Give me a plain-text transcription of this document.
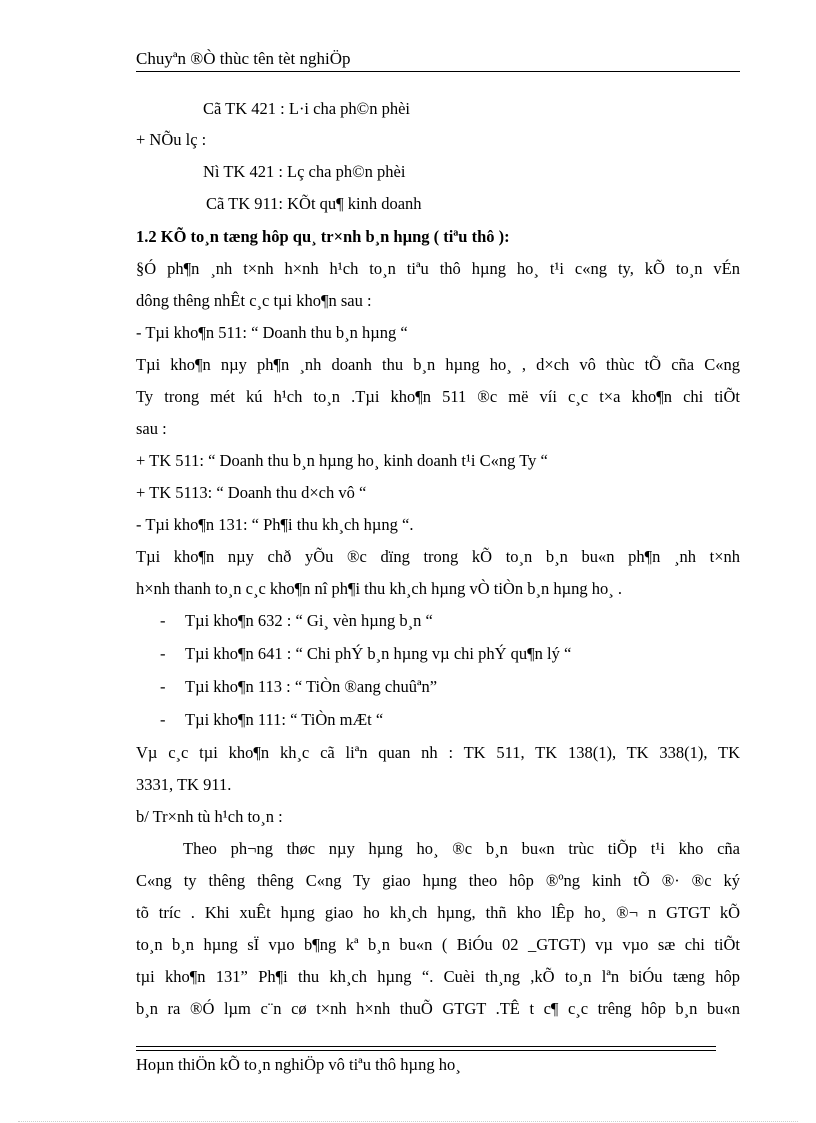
Chuyªn ®Ò thùc tên tèt nghiÖp
Cã TK 421 : L·i cha ph©n phèi
+ NÕu lç :
Nì TK 421 : Lç cha ph©n phèi
Cã TK 911: KÕt qu¶ kinh doanh
1.2 KÕ to¸n tæng hôp qu¸ tr×nh b¸n hµng ( tiªu thô ):
§Ó ph¶n ¸nh t×nh h×nh h¹ch to¸n tiªu thô hµng ho¸ t¹i c«ng ty, kÕ to¸n vÉn
dông thêng nhÊt c¸c tµi kho¶n sau :
- Tµi kho¶n 511: “ Doanh thu b¸n hµng “
Tµi kho¶n nµy ph¶n ¸nh doanh thu b¸n hµng ho¸ , d×ch vô thùc tÕ cña C«ng
Ty trong mét kú h¹ch to¸n .Tµi kho¶n 511 ®c më víi c¸c t×a kho¶n chi tiÕt
sau :
+ TK 511: “ Doanh thu b¸n hµng ho¸ kinh doanh t¹i C«ng Ty “
+ TK 5113: “ Doanh thu d×ch vô “
- Tµi kho¶n 131: “ Ph¶i thu kh¸ch hµng “.
Tµi kho¶n nµy chð yÕu ®c dïng trong kÕ to¸n b¸n bu«n ph¶n ¸nh t×nh
h×nh thanh to¸n c¸c kho¶n nî ph¶i thu kh¸ch hµng vÒ tiÒn b¸n hµng ho¸ .
- Tµi kho¶n 632 : “ Gi¸ vèn hµng b¸n “
- Tµi kho¶n 641 : “ Chi phÝ b¸n hµng vµ chi phÝ qu¶n lý “
- Tµi kho¶n 113 : “ TiÒn ®ang chuûªn”
- Tµi kho¶n 111: “ TiÒn mÆt “
Vµ c¸c tµi kho¶n kh¸c cã liªn quan nh : TK 511, TK 138(1), TK 338(1), TK
3331, TK 911.
b/ Tr×nh tù h¹ch to¸n :
Theo ph¬ng thøc nµy hµng ho¸ ®c b¸n bu«n trùc tiÕp t¹i kho cña
C«ng ty thêng thêng C«ng Ty giao hµng theo hôp ®ºng kinh tÕ ®· ®c ký
tõ tríc . Khi xuÊt hµng giao ho kh¸ch hµng, thñ kho lÊp ho¸ ®¬ n GTGT kÕ
to¸n b¸n hµng sÏ vµo b¶ng kª b¸n bu«n ( BiÓu 02 _GTGT) vµ vµo sæ chi tiÕt
tµi kho¶n 131” Ph¶i thu kh¸ch hµng “. Cuèi th¸ng ,kÕ to¸n lªn biÓu tæng hôp
b¸n ra ®Ó lµm c¨n cø t×nh h×nh thuÕ GTGT .TÊ t c¶ c¸c trêng hôp b¸n bu«n
Hoµn thiÖn kÕ to¸n nghiÖp vô tiªu thô hµng ho¸
